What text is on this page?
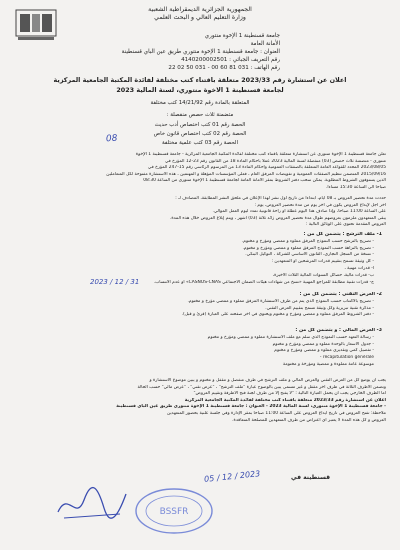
الجمهورية الجزائرية الديمقراطية الشعبية
وزارة التعليم العالي و البحث العلمي
جامعة قسنطينة 1 الإخوة منتوري
الأمانة العامة
العنوان : جامعة قسنطينة 1 الإخوة منتوري طريق عين الباي قسنطينة
رقم التعريف الجبائي : 4140200002501
رقم الهاتف : 031 81 60 00 - 031 50 02 22
اعلان عن استشارة رقم 2023/33 متعلقة باقتناء كتب مختلفة لفائدة المكتبة الجامعية المركزية
لجامعة قسنطينة 1 الاخوة منتوري، لسنة المالية 2023
08
المتعلقة بالمادة رقم 14/21/92 كتب مختلفة
متضمنة ثلاث حصص منفصلة :
الحصة رقم 01 كتب اختصاص أدب حديث
الحصة رقم 02 كتب اختصاص قانون خاص
الحصة رقم 03 كتب علمية مختلفة
تعلن جامعة قسنطينة 1 الإخوة منتوري عن استشارة متعلقة باقتناء كتب مختلفة لفائدة المكتبة الجامعية المركزية - جامعة قسنطينة 1 الإخوة
منتوري - متضمنة ثلاث حصص (03) منفصلة لسنة المالية 2023 عملا بأحكام المادة 18 من القانون رقم 23-12 المؤرخ في
2023/08/05 المحدد للقواعد العامة المتعلقة بالصفقات العمومية وأحكام المادة 13 من المرسوم الرئاسي رقم 15-247 المؤرخ في
2015/09/16 المتضمن تنظيم الصفقات العمومية و تفويضات المرفق العام ، فعلى المؤسسات المؤهلة و المهتمين ، هذه الاستشارة مفتوحة لكل المتعاملين
الذين يستوفون الشروط المطلوبة. يمكن سحب دفتر الشروط بمقر الامانة العامة لجامعة قسنطينة 1 الإخوة منتوري من الساعة 08:30
صباحا الى الساعة 15:30 مساءا.
حددت مدة تحضير العروض بـ 08 أيام، ابتداءا من تاريخ أول نشر لهذا الإعلان في ملحق النشر المطابقة، المصادف لـ :
آخر أجل لإيداع العروض يكون في آخر يوم من مدة تحضير العروض، يوم :
على الساعة 11:00 صباحا، وإذا صادف هذا اليوم عطلة أو راحة قانونية تمدد ليوم العمل الموالي.
يبقى المتعهدون ملزمون بعروضهم طوال مدة تحضير العروض زائد ثلاثة (03) أشهر ، ويتم إبلاغ العروض خلال هذه المدة.
العروض المقدمة تحتوي على الوثائق التالية :
1- ملف الترشح : يتضمن كل من :
- تصريح بالترشح حسب النموذج المرفق مملوء و ممضي ومؤرخ و مختوم.
- تصريح بالنزاهة حسب النموذج المرفق مملوء و ممضي ومؤرخ و مختوم.
- نسخة من السجل التجاري، القانون الأساسي للشركة ، التوكيل البنكي.
- كل وثيقة تسمح بتقييم قدرات المرشحين أو المتعهدين :
أ- قدرات مهنية ،
ب- قدرات مالية، حصائل السنوات المالية الثلاث الأخيرة،
ج- قدرات تقنية مطابقة للمراجع المهنية «نسخ من شهادات هيئات الضمان الاجتماعي CASNOS-CNAS» أو عدم الانتساب.
31 / 12 / 2023
2- العرض التقني : يتضمن كل من :
- تصريح بالاكتتاب حسب النموذج الذي يتم من طرف الاستشارة المرفق مملوء و ممضي مؤرخ و مختوم.
- مذكرة تقنية تبريرية وكل وثيقة تسمح بتقييم العرض التقني.
- دفتر الشروط المرفق مملوء و ممضي ومؤرخ و مختوم ويحتوي في آخر صفحته على العبارة (قرئ و قبل).
3- العرض المالي : و يتضمن كل من :
- رسالة التعهد حسب النموذج الذي سلم مع ملف الاستشارة مملوء و ممضي ومؤرخ و مختوم
- جدول الأسعار بالوحدة مملوء و ممضي ومؤرخ و مختوم
- تفصيل كمي وتقديري مملوء و ممضي ومؤرخ و مختوم
récapitulation générale -
موسوعة عامة مملوءة و ممضية ومؤرخة و مختومة
يجب أن يوضع كل من العرض التقني والعرض المالي و ملف الترشح في ظرف منفصل و مقفل و مختوم و يبين موضوع الاستشارة و
وتضمن الأظرف الثلاثة في ظرف آخر مقفل و غير مسمى يبين بالوضوح عبارة "ملف الترشح" ، "عرض تقني" ، "عرض مالي" حسب الحالة
أما الظرف الخارجي يجب أن يحمل العبارة التالية : "لا يفتح إلا من طرف لجنة فتح الأظرفة وتقييم العروض"
اعلان عن استشارة رقم 2023/33 متعلقة باقتناء كتب مختلفة لفائدة المكتبة الجامعية المركزية
- جامعة قسنطينة 1 الإخوة منتوري، لسنة المالية 2023 - العنوان : جامعة قسنطينة 1 الإخوة منتوري طريق عين الباي قسنطينة
ملاحظة: تفتح العروض في تاريخ ايداع العروض على الساعة 11:00 صباحا بمقر الإدارة وفي جلسة علنية بحضور المتعهدين
العروض و كل هذه المدة لا يعتبر أي اعتراض من طرف المتعهدين للمصلحة المتعاقدة.
قسنطينة في
2023 / 12 / 05
BSSFR
